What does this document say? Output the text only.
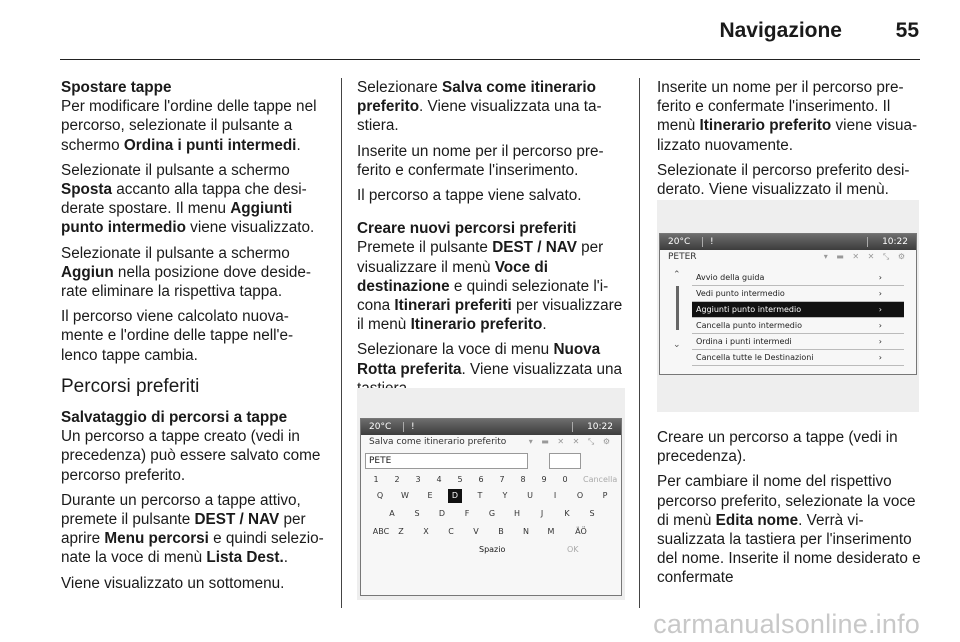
Navigazione	55

Spostare tappe

Per modificare l'ordine delle tappe nel percorso, selezionate il pulsante a schermo Ordina i punti intermedi.

Selezionate il pulsante a schermo Sposta accanto alla tappa che desi- derate spostare. Il menu Aggiunti punto intermedio viene visualizzato.

Selezionate il pulsante a schermo Aggiun nella posizione dove deside- rate eliminare la rispettiva tappa.

Il percorso viene calcolato nuova- mente e l'ordine delle tappe nell'e- lenco tappe cambia.

Percorsi preferiti

Salvataggio di percorsi a tappe

Un percorso a tappe creato (vedi in precedenza) può essere salvato come percorso preferito.

Durante un percorso a tappe attivo, premete il pulsante DEST / NAV per aprire Menu percorsi e quindi selezio- nate la voce di menù Lista Dest..

Viene visualizzato un sottomenu.

Selezionare Salva come itinerario preferito. Viene visualizzata una ta- stiera.

Inserite un nome per il percorso pre- ferito e confermate l'inserimento.

Il percorso a tappe viene salvato.

Creare nuovi percorsi preferiti

Premete il pulsante DEST / NAV per visualizzare il menù Voce di destinazione e quindi selezionate l'i- cona Itinerari preferiti per visualizzare il menù Itinerario preferito.

Selezionare la voce di menu Nuova Rotta preferita. Viene visualizzata una

20°C !	10:22
Salva come itinerario preferito	▾ ▬ ✕ ✕ ⤡ ⚙
PETE
1	2	3	4	5	6	7	8	9	0	Cancella
Q	W	E	D	T	Y	U	I	O	P
A	S	D	F	G	H	J	K	S
ABC	Z	X	C	V	B	N	M	ÄÖ
Spazio	OK

Inserite un nome per il percorso pre- ferito e confermate l'inserimento. Il menù Itinerario preferito viene visua- lizzato nuovamente.

Selezionate il percorso preferito desi- derato. Viene visualizzato il menù.

20°C !	10:22
PETER	▾ ▬ ✕ ✕ ⤡ ⚙
⌃
⌄
Avvio della guida	›
Vedi punto intermedio	›
Aggiunti punto intermedio	›
Cancella punto intermedio	›
Ordina i punti intermedi	›
Cancella tutte le Destinazioni	›

Creare un percorso a tappe (vedi in precedenza).

Per cambiare il nome del rispettivo percorso preferito, selezionate la voce di menù Edita nome. Verrà vi- sualizzata la tastiera per l'inserimento del nome. Inserite il nome desiderato e confermate

carmanualsonline.info
